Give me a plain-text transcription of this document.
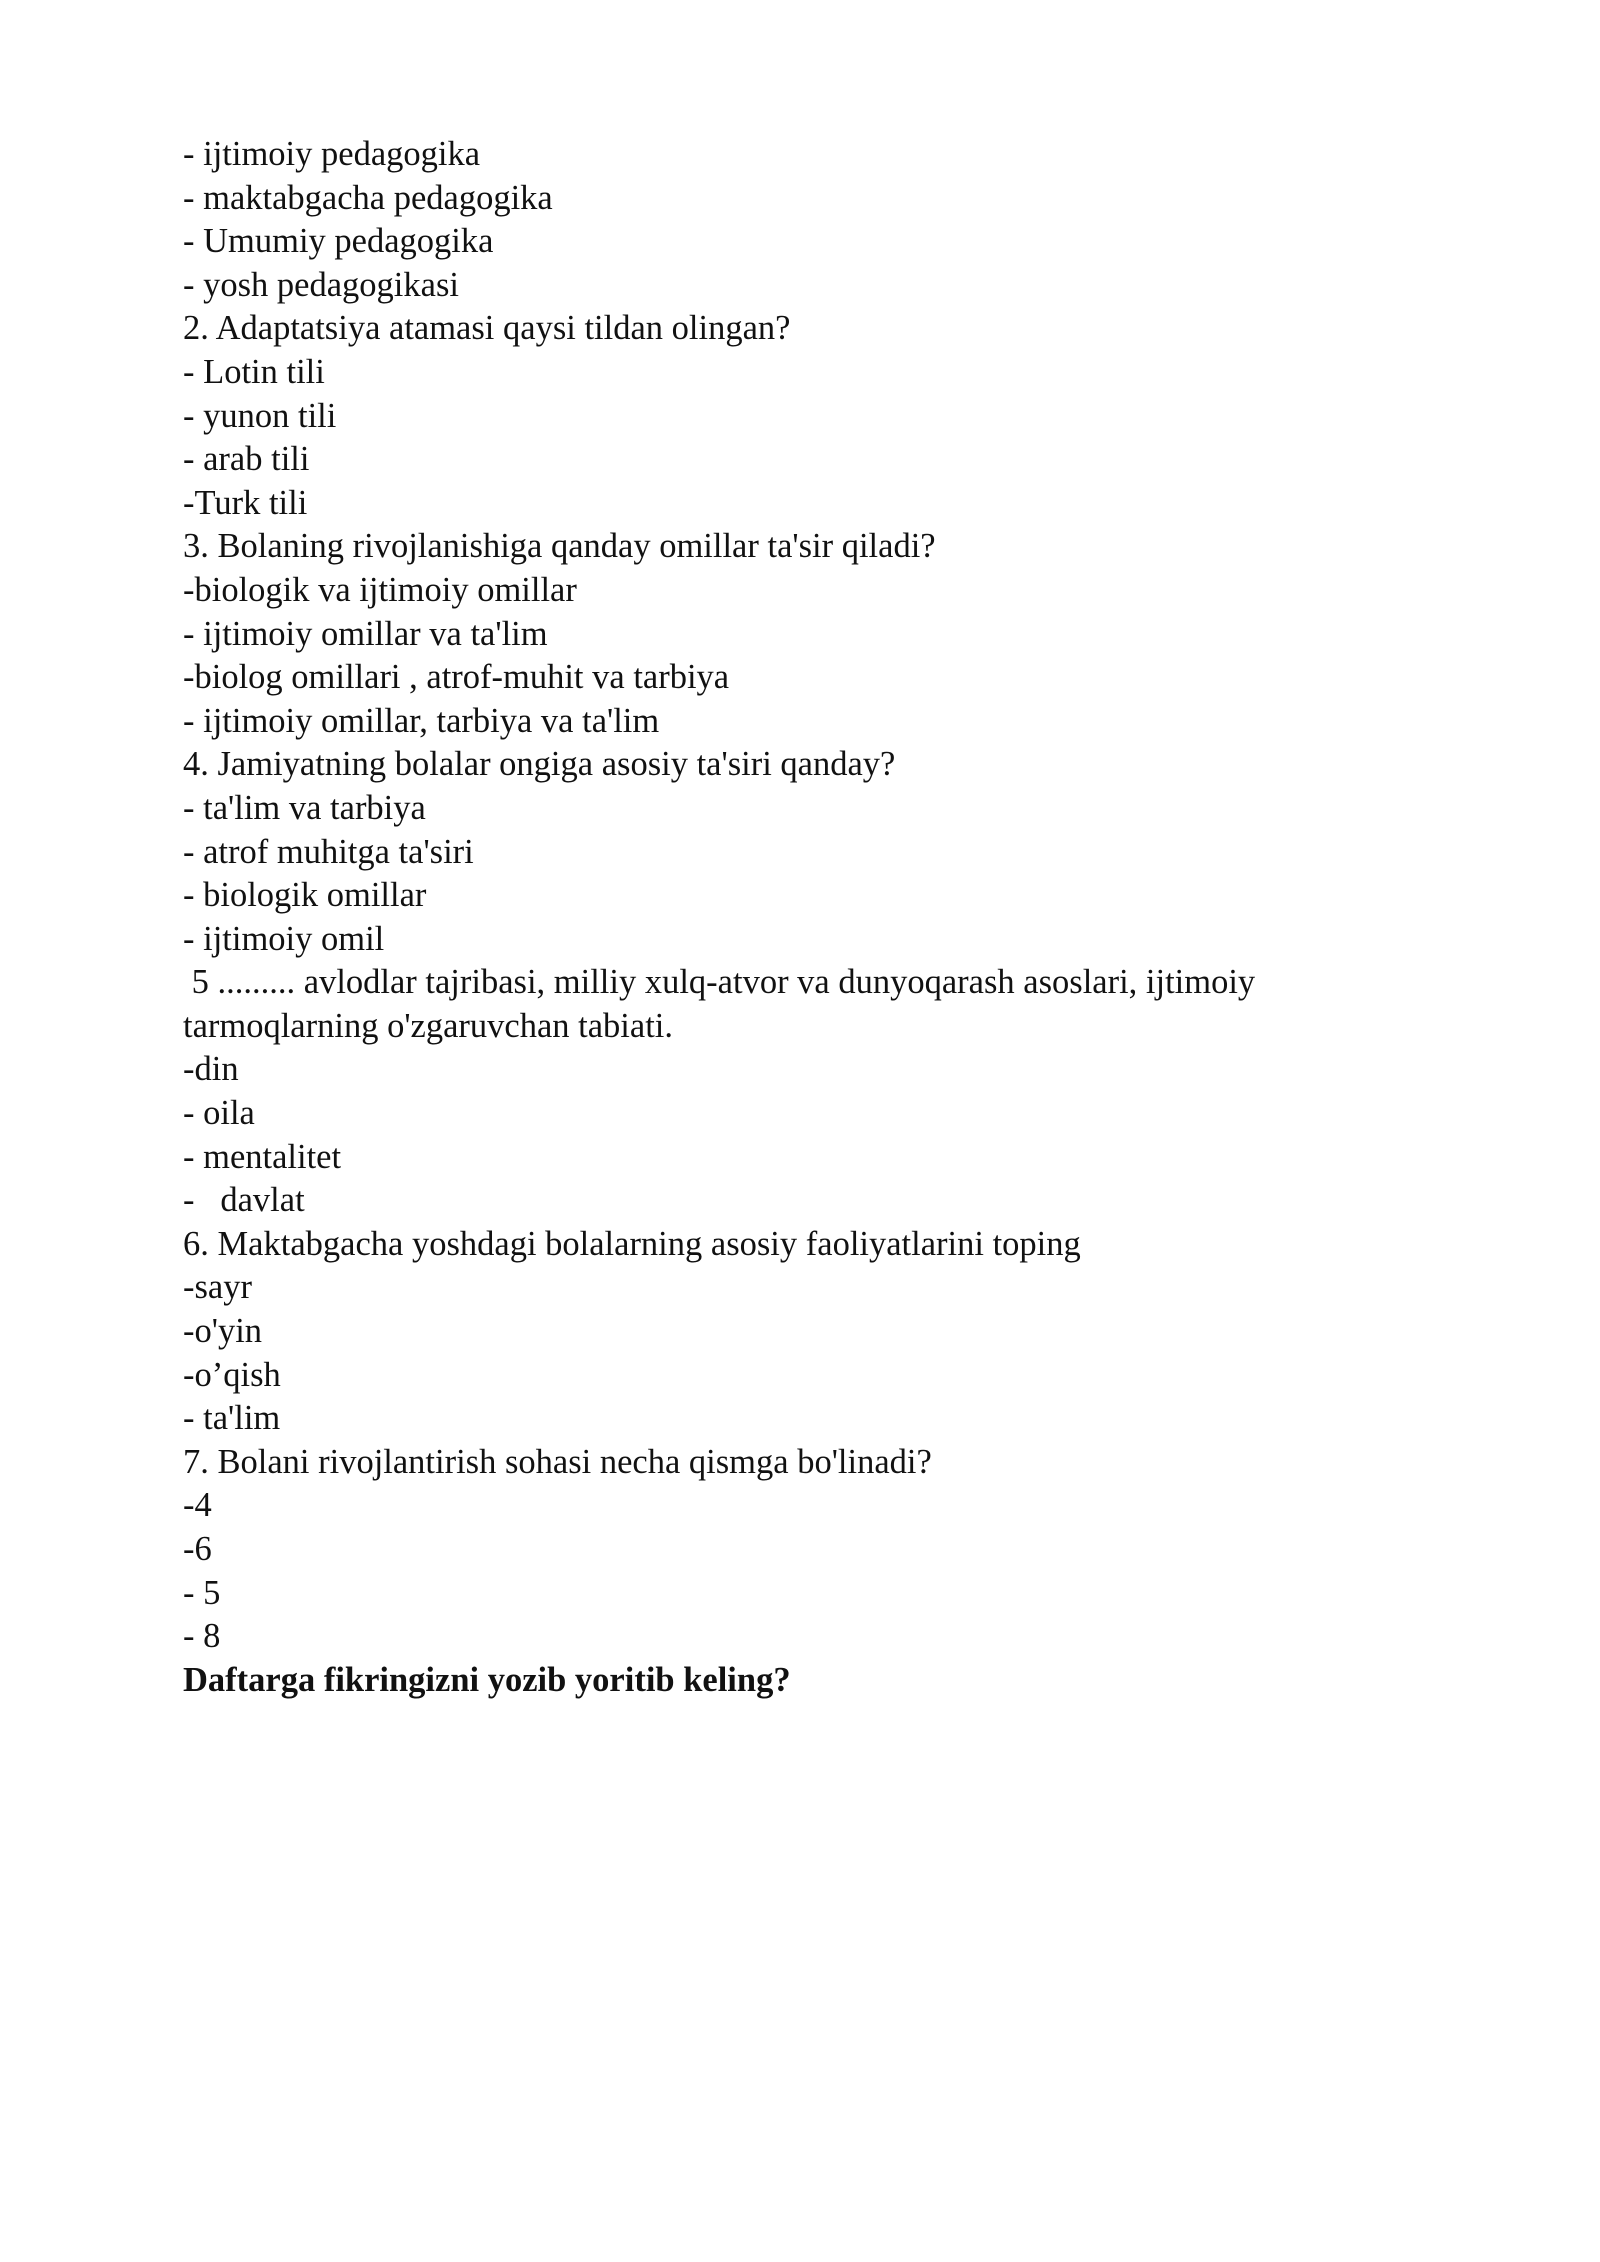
- ijtimoiy pedagogika
- maktabgacha pedagogika
- Umumiy pedagogika
- yosh pedagogikasi
2. Adaptatsiya atamasi qaysi tildan olingan?
- Lotin tili
- yunon tili
- arab tili
-Turk tili
3. Bolaning rivojlanishiga qanday omillar ta'sir qiladi?
-biologik va ijtimoiy omillar
- ijtimoiy omillar va ta'lim
-biolog omillari , atrof-muhit va tarbiya
- ijtimoiy omillar, tarbiya va ta'lim
4. Jamiyatning bolalar ongiga asosiy ta'siri qanday?
- ta'lim va tarbiya
- atrof muhitga ta'siri
- biologik omillar
- ijtimoiy omil
5 ......... avlodlar tajribasi, milliy xulq-atvor va dunyoqarash asoslari, ijtimoiy
tarmoqlarning o'zgaruvchan tabiati.
-din
- oila
- mentalitet
-   davlat
6. Maktabgacha yoshdagi bolalarning asosiy faoliyatlarini toping
-sayr
-o'yin
-o’qish
- ta'lim
7. Bolani rivojlantirish sohasi necha qismga bo'linadi?
-4
-6
- 5
- 8
Daftarga fikringizni yozib yoritib keling?
